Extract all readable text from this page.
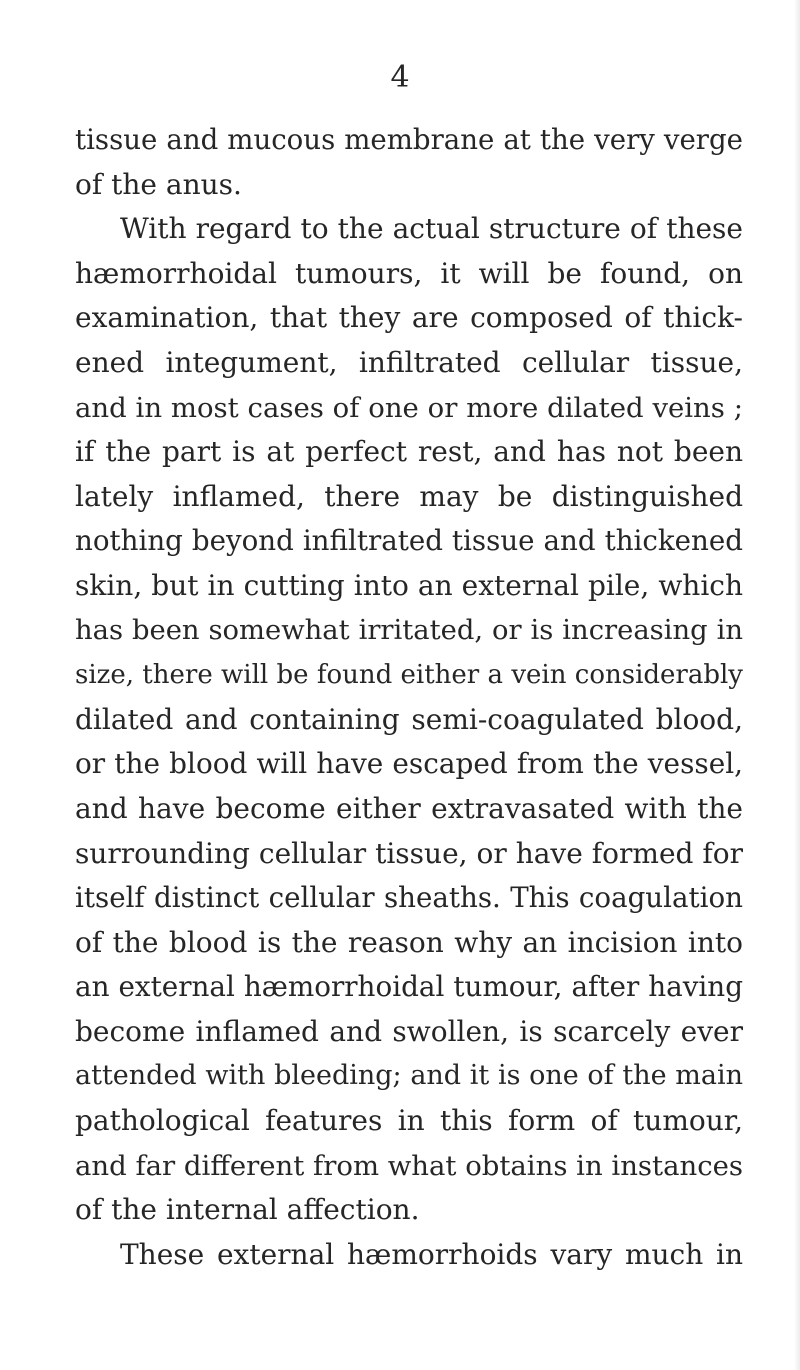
4
tissue and mucous membrane at the very verge
of the anus.
With regard to the actual structure of these
hæmorrhoidal tumours, it will be found, on
examination, that they are composed of thick-
ened integument, infiltrated cellular tissue,
and in most cases of one or more dilated veins ;
if the part is at perfect rest, and has not been
lately inflamed, there may be distinguished
nothing beyond infiltrated tissue and thickened
skin, but in cutting into an external pile, which
has been somewhat irritated, or is increasing in
size, there will be found either a vein considerably
dilated and containing semi-coagulated blood,
or the blood will have escaped from the vessel,
and have become either extravasated with the
surrounding cellular tissue, or have formed for
itself distinct cellular sheaths. This coagulation
of the blood is the reason why an incision into
an external hæmorrhoidal tumour, after having
become inflamed and swollen, is scarcely ever
attended with bleeding; and it is one of the main
pathological features in this form of tumour,
and far different from what obtains in instances
of the internal affection.
These external hæmorrhoids vary much in
